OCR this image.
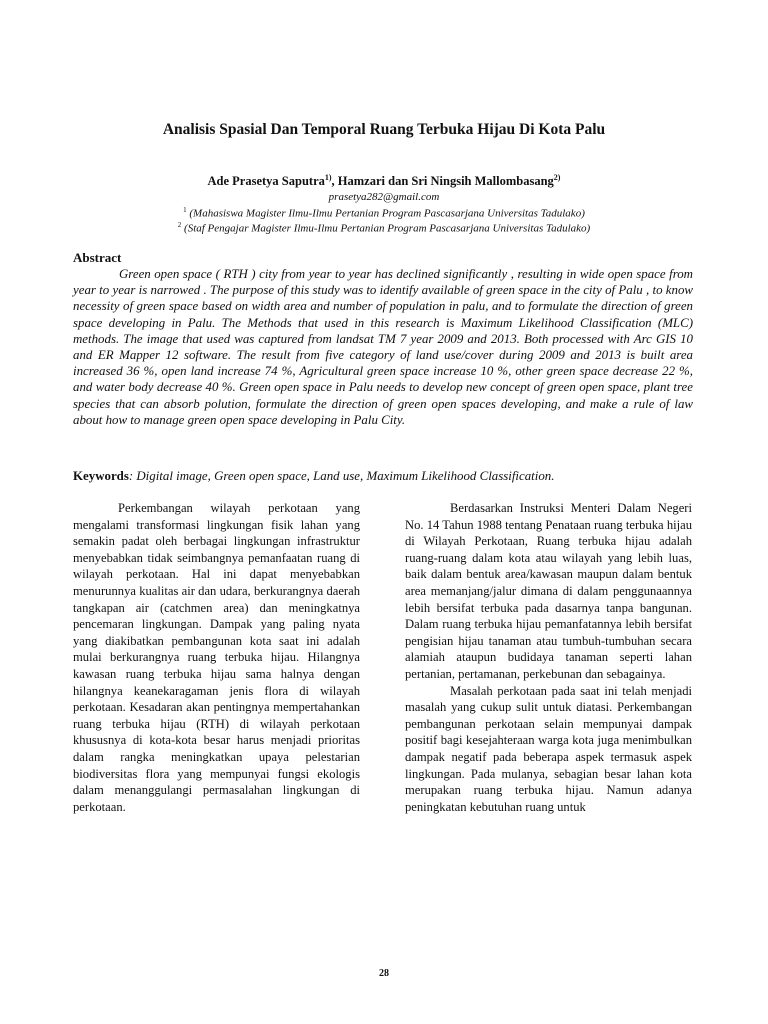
Analisis Spasial Dan Temporal Ruang Terbuka Hijau Di Kota Palu
Ade Prasetya Saputra$^{1)}$, Hamzari dan Sri Ningsih Mallombasang$^{2)}$
prasetya282@gmail.com
$^1$ (Mahasiswa Magister Ilmu-Ilmu Pertanian Program Pascasarjana Universitas Tadulako)
$^2$ (Staf Pengajar Magister Ilmu-Ilmu Pertanian Program Pascasarjana Universitas Tadulako)
Abstract

Green open space ( RTH ) city from year to year has declined significantly , resulting in wide open space from year to year is narrowed . The purpose of this study was to identify available of green space in the city of Palu , to know necessity of green space based on width area and number of population in palu, and to formulate the direction of green space developing in Palu. The Methods that used in this research is Maximum Likelihood Classification (MLC) methods. The image that used was captured from landsat TM 7 year 2009 and 2013. Both processed with Arc GIS 10 and ER Mapper 12 software. The result from five category of land use/cover during 2009 and 2013 is built area increased 36 %, open land increase 74 %, Agricultural green space increase 10 %, other green space decrease 22 %, and water body decrease 40 %. Green open space in Palu needs to develop new concept of green open space, plant tree species that can absorb polution, formulate the direction of green open spaces developing, and make a rule of law about how to manage green open space developing in Palu City.

Keywords: Digital image, Green open space, Land use, Maximum Likelihood Classification.

Perkembangan wilayah perkotaan yang mengalami transformasi lingkungan fisik lahan yang semakin padat oleh berbagai lingkungan infrastruktur menyebabkan tidak seimbangnya pemanfaatan ruang di wilayah perkotaan. Hal ini dapat menyebabkan menurunnya kualitas air dan udara, berkurangnya daerah tangkapan air (catchmen area) dan meningkatnya pencemaran lingkungan. Dampak yang paling nyata yang diakibatkan pembangunan kota saat ini adalah mulai berkurangnya ruang terbuka hijau. Hilangnya kawasan ruang terbuka hijau sama halnya dengan hilangnya keanekaragaman jenis flora di wilayah perkotaan. Kesadaran akan pentingnya mempertahankan ruang terbuka hijau (RTH) di wilayah perkotaan khususnya di kota-kota besar harus menjadi prioritas dalam rangka meningkatkan upaya pelestarian biodiversitas flora yang mempunyai fungsi ekologis dalam menanggulangi permasalahan lingkungan di perkotaan.

Berdasarkan Instruksi Menteri Dalam Negeri No. 14 Tahun 1988 tentang Penataan ruang terbuka hijau di Wilayah Perkotaan, Ruang terbuka hijau adalah ruang-ruang dalam kota atau wilayah yang lebih luas, baik dalam bentuk area/kawasan maupun dalam bentuk area memanjang/jalur dimana di dalam penggunaannya lebih bersifat terbuka pada dasarnya tanpa bangunan. Dalam ruang terbuka hijau pemanfatannya lebih bersifat pengisian hijau tanaman atau tumbuh-tumbuhan secara alamiah ataupun budidaya tanaman seperti lahan pertanian, pertamanan, perkebunan dan sebagainya.

Masalah perkotaan pada saat ini telah menjadi masalah yang cukup sulit untuk diatasi. Perkembangan pembangunan perkotaan selain mempunyai dampak positif bagi kesejahteraan warga kota juga menimbulkan dampak negatif pada beberapa aspek termasuk aspek lingkungan. Pada mulanya, sebagian besar lahan kota merupakan ruang terbuka hijau. Namun adanya peningkatan kebutuhan ruang untuk

28
